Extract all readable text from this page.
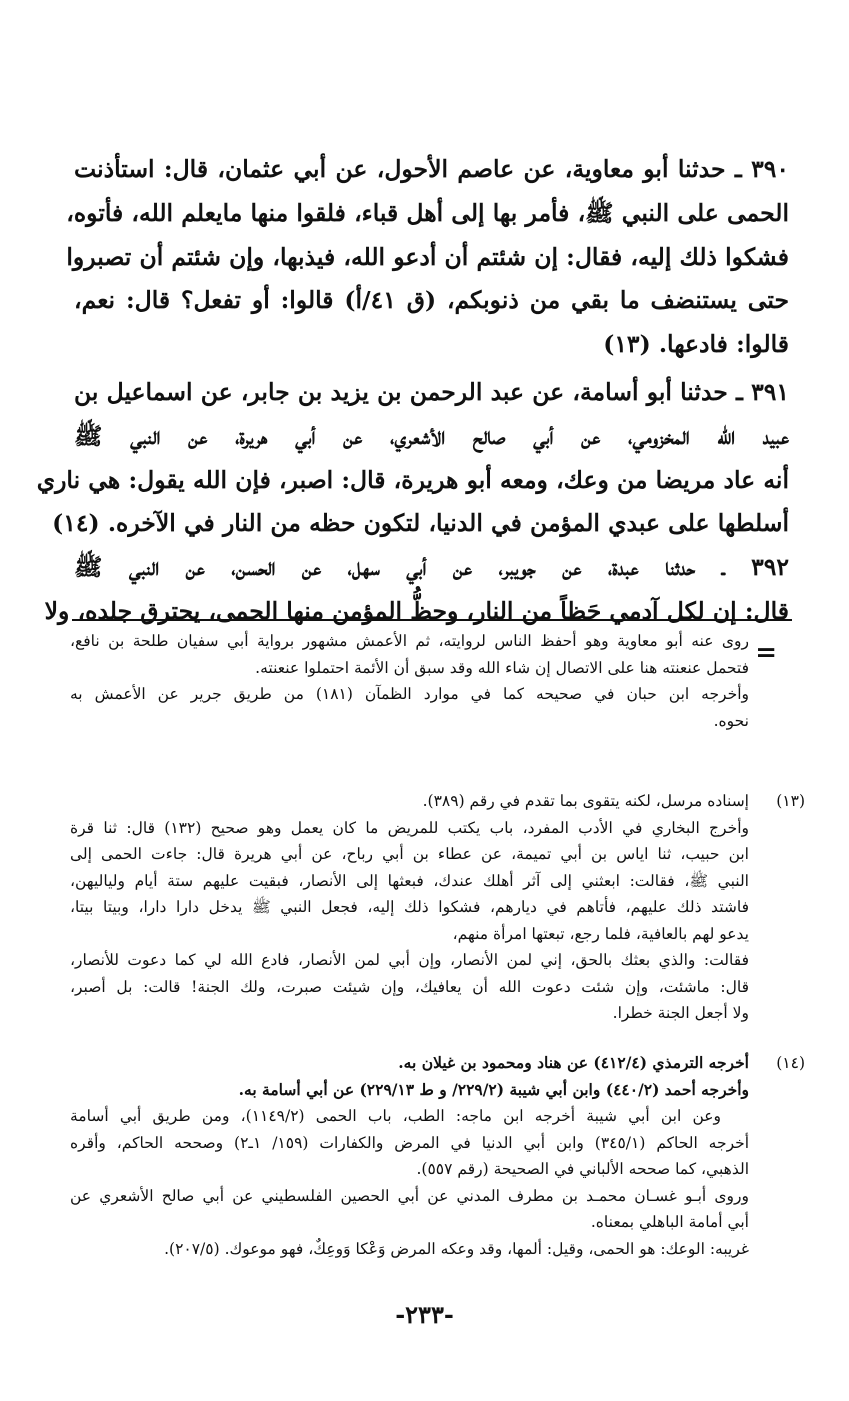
٣٩٠ ـ حدثنا أبو معاوية، عن عاصم الأحول، عن أبي عثمان، قال: استأذنت
الحمى على النبي ﷺ، فأمر بها إلى أهل قباء، فلقوا منها مايعلم الله، فأتوه،
فشكوا ذلك إليه، فقال: إن شئتم أن أدعو الله، فيذبها، وإن شئتم أن تصبروا
حتى يستنضف ما بقي من ذنوبكم، (ق ٤١/أ) قالوا: أو تفعل؟ قال: نعم،
قالوا: فادعها. (١٣)
٣٩١ ـ حدثنا أبو أسامة، عن عبد الرحمن بن يزيد بن جابر، عن اسماعيل بن
عبيد الله المخزومي، عن أبي صالح الأشعري، عن أبي هريرة، عن النبي ﷺ
أنه عاد مريضا من وعك، ومعه أبو هريرة، قال: اصبر، فإن الله يقول: هي ناري
أسلطها على عبدي المؤمن في الدنيا، لتكون حظه من النار في الآخره. (١٤)
٣٩٢ ـ حدثنا عبدة، عن جويبر، عن أبي سهل، عن الحسن، عن النبي ﷺ
قال: إن لكل آدمي حَظاً من النار، وحظُّ المؤمن منها الحمى، يحترق جلده، ولا
=
روى عنه أبو معاوية وهو أحفظ الناس لروايته، ثم الأعمش مشهور برواية أبي سفيان طلحة بن نافع،
فتحمل عنعنته هنا على الاتصال إن شاء الله وقد سبق أن الأئمة احتملوا عنعنته.
وأخرجه ابن حبان في صحيحه كما في موارد الظمآن (١٨١) من طريق جرير عن الأعمش به
نحوه.
(١٣)
إسناده مرسل، لكنه يتقوى بما تقدم في رقم (٣٨٩).
وأخرج البخاري في الأدب المفرد، باب يكتب للمريض ما كان يعمل وهو صحيح (١٣٢) قال: ثنا قرة
ابن حبيب، ثنا اياس بن أبي تميمة، عن عطاء بن أبي رباح، عن أبي هريرة قال: جاءت الحمى إلى
النبي ﷺ، فقالت: ابعثني إلى آثر أهلك عندك، فبعثها إلى الأنصار، فبقيت عليهم ستة أيام ولياليهن،
فاشتد ذلك عليهم، فأتاهم في ديارهم، فشكوا ذلك إليه، فجعل النبي ﷺ يدخل دارا دارا، وبيتا بيتا،
يدعو لهم بالعافية، فلما رجع، تبعتها امرأة منهم،
فقالت: والذي بعثك بالحق، إني لمن الأنصار، وإن أبي لمن الأنصار، فادع الله لي كما دعوت للأنصار،
قال: ماشئت، وإن شئت دعوت الله أن يعافيك، وإن شيئت صبرت، ولك الجنة! قالت: بل أصبر،
ولا أجعل الجنة خطرا.
(١٤)
أخرجه الترمذي (٤١٢/٤) عن هناد ومحمود بن غيلان به.
وأخرجه أحمد (٤٤٠/٢) وابن أبي شيبة (٢٢٩/٢/ و ط ٢٢٩/١٣) عن أبي أسامة به.
وعن ابن أبي شيبة أخرجه ابن ماجه: الطب، باب الحمى (١١٤٩/٢)، ومن طريق أبي أسامة
أخرجه الحاكم (٣٤٥/١) وابن أبي الدنيا في المرض والكفارات (١٥٩/ ١ـ٢) وصححه الحاكم، وأقره
الذهبي، كما صححه الألباني في الصحيحة (رقم ٥٥٧).
وروى أبـو غسـان محمـد بن مطرف المدني عن أبي الحصين الفلسطيني عن أبي صالح الأشعري عن
أبي أمامة الباهلي بمعناه.
غريبه: الوعك: هو الحمى، وقيل: ألمها، وقد وعكه المرض وَعْكا وَوعِكٌ، فهو موعوك. (٢٠٧/٥).
-٢٣٣-
